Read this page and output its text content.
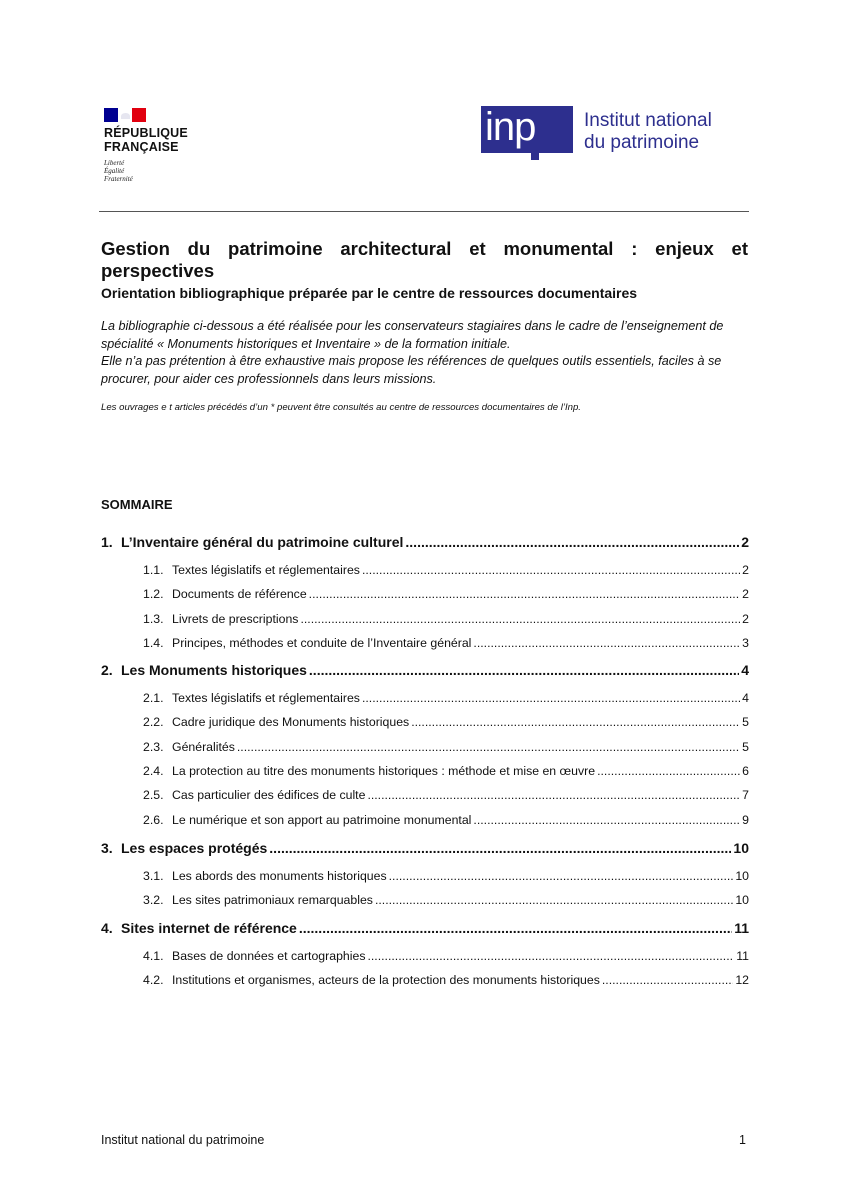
RÉPUBLIQUE
FRANÇAISE
Liberté
Égalité
Fraternité
inp	Institut national
du patrimoine
Gestion du patrimoine architectural et monumental : enjeux et perspectives
Orientation bibliographique préparée par le centre de ressources documentaires

La bibliographie ci-dessous a été réalisée pour les conservateurs stagiaires dans le cadre de l’enseignement de spécialité « Monuments historiques et Inventaire » de la formation initiale.

Elle n’a pas prétention à être exhaustive mais propose les références de quelques outils essentiels, faciles à se procurer, pour aider ces professionnels dans leurs missions.

Les ouvrages e t articles précédés d’un * peuvent être consultés au centre de ressources documentaires de l’Inp.
SOMMAIRE
1. L’Inventaire général du patrimoine culturel .....	2
1.1. Textes législatifs et réglementaires .....	2
1.2. Documents de référence .....	2
1.3. Livrets de prescriptions .....	2
1.4. Principes, méthodes et conduite de l’Inventaire général .....	3
2. Les Monuments historiques .....	4
2.1. Textes législatifs et réglementaires .....	4
2.2. Cadre juridique des Monuments historiques .....	5
2.3. Généralités .....	5
2.4. La protection au titre des monuments historiques : méthode et mise en œuvre .....	6
2.5. Cas particulier des édifices de culte .....	7
2.6. Le numérique et son apport au patrimoine monumental .....	9
3. Les espaces protégés .....	10
3.1. Les abords des monuments historiques .....	10
3.2. Les sites patrimoniaux remarquables .....	10
4. Sites internet de référence .....	11
4.1. Bases de données et cartographies .....	11
4.2. Institutions et organismes, acteurs de la protection des monuments historiques .....	12
Institut national du patrimoine	1
